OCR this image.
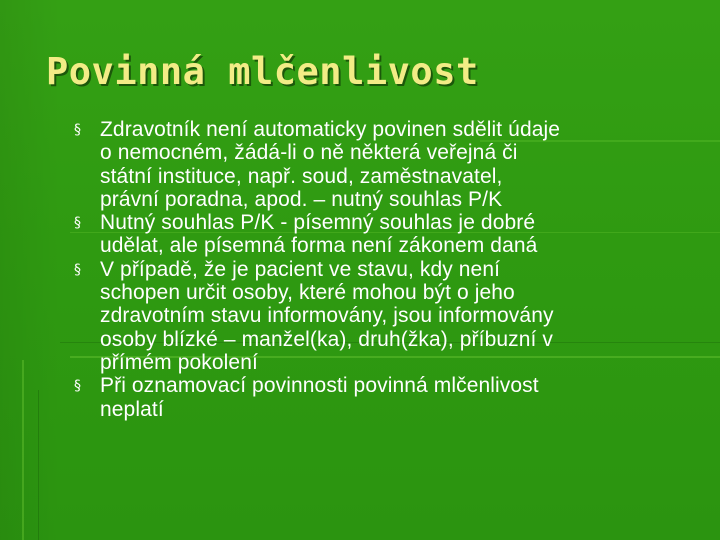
Povinná mlčenlivost
§ Zdravotník není automaticky povinen sdělit údaje
o nemocném, žádá-li o ně některá veřejná či
státní instituce, např. soud, zaměstnavatel,
právní poradna, apod. – nutný souhlas P/K
§ Nutný souhlas P/K - písemný souhlas je dobré
udělat, ale písemná forma není zákonem daná
§ V případě, že je pacient ve stavu, kdy není
schopen určit osoby, které mohou být o jeho
zdravotním stavu informovány, jsou informovány
osoby blízké – manžel(ka), druh(žka), příbuzní v
přímém pokolení
§ Při oznamovací povinnosti povinná mlčenlivost
neplatí
